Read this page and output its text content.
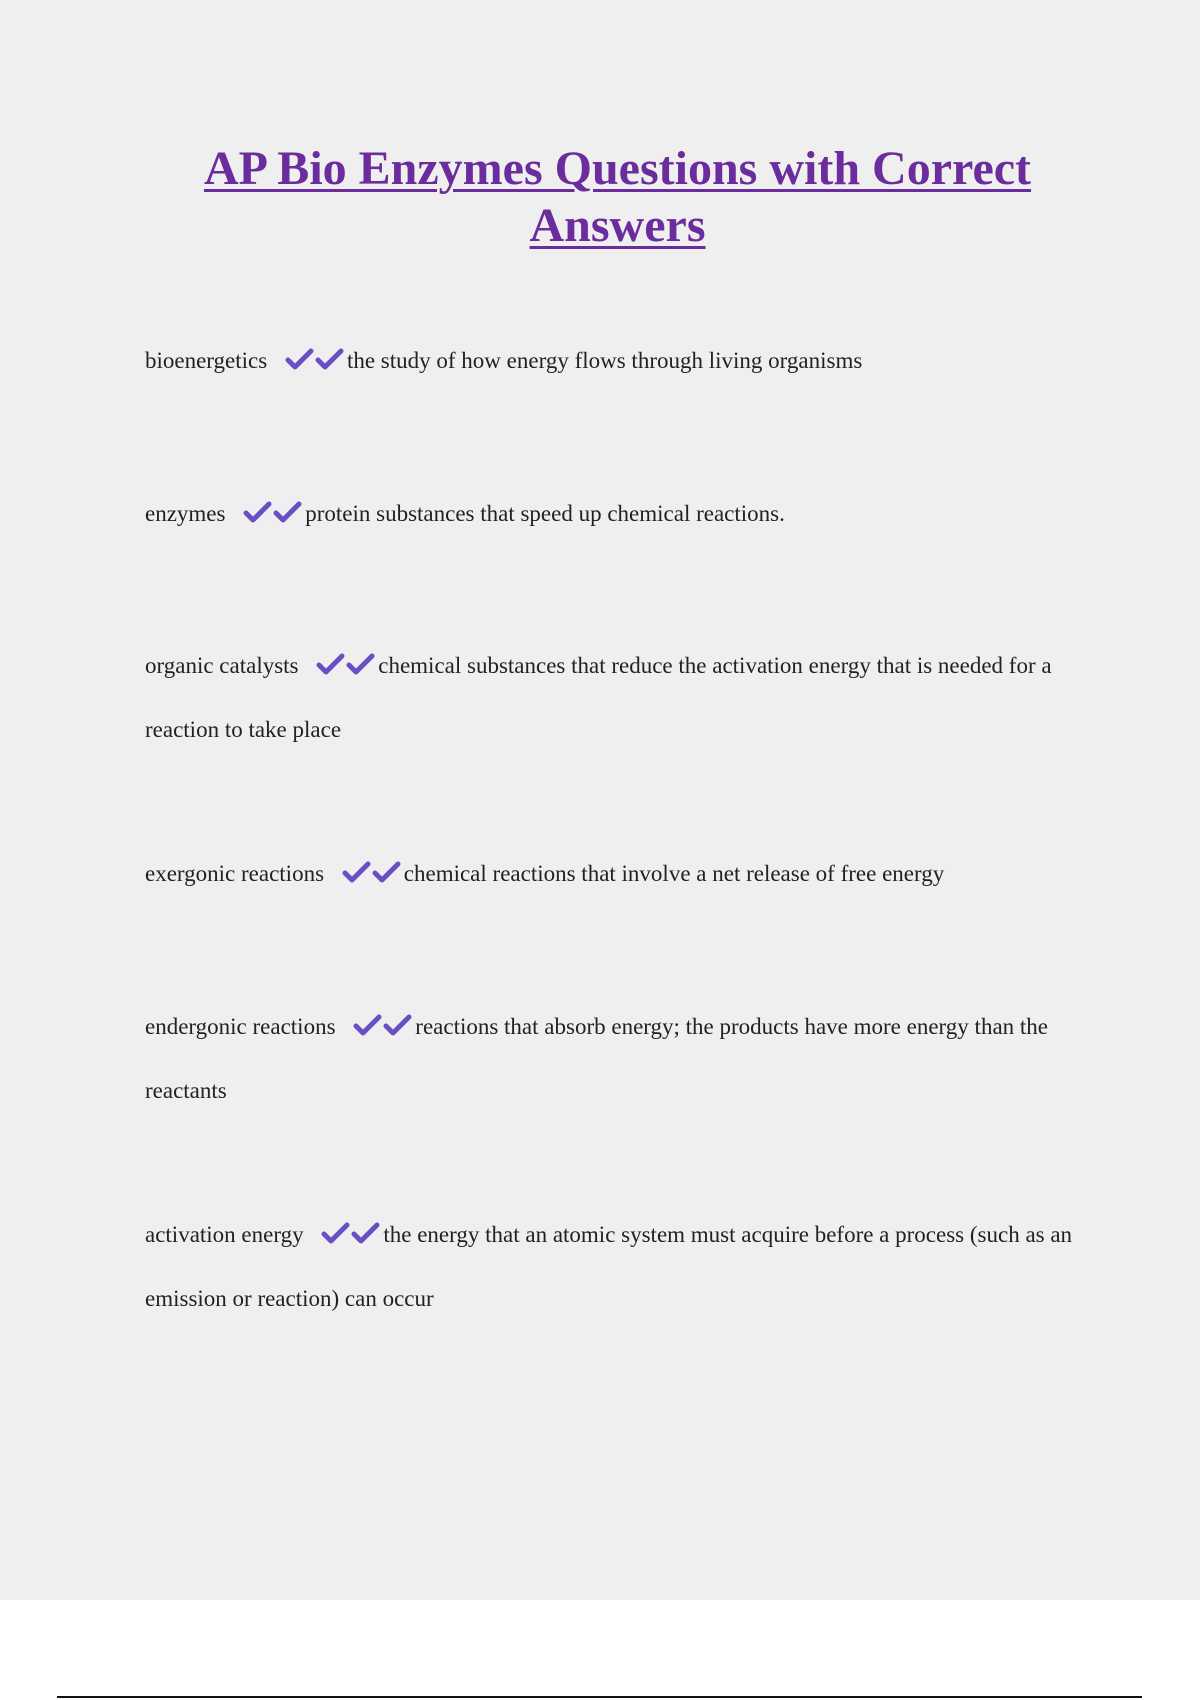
AP Bio Enzymes Questions with Correct Answers
bioenergetics	the study of how energy flows through living organisms
enzymes	protein substances that speed up chemical reactions.
organic catalysts	chemical substances that reduce the activation energy that is needed for a reaction to take place
exergonic reactions	chemical reactions that involve a net release of free energy
endergonic reactions	reactions that absorb energy; the products have more energy than the reactants
activation energy	the energy that an atomic system must acquire before a process (such as an emission or reaction) can occur
